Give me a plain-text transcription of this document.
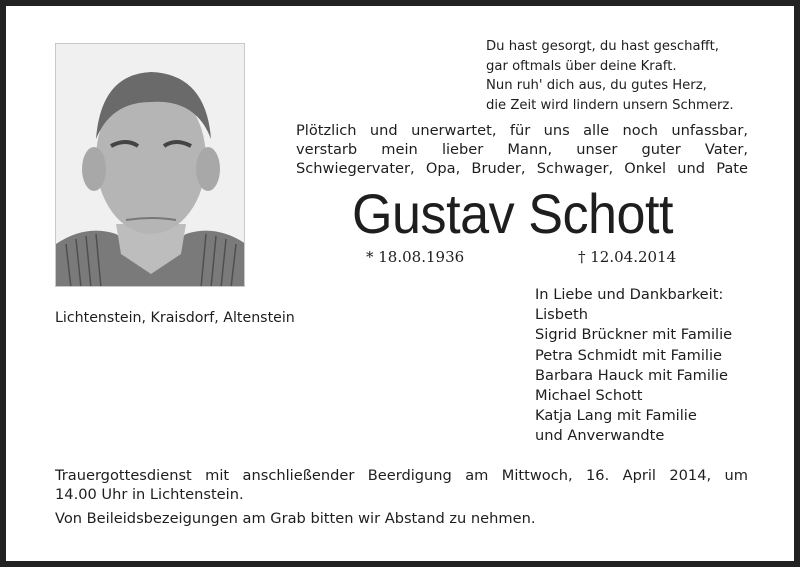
Du hast gesorgt, du hast geschafft,
gar oftmals über deine Kraft.
Nun ruh' dich aus, du gutes Herz,
die Zeit wird lindern unsern Schmerz.
Plötzlich und unerwartet, für uns alle noch unfassbar,
verstarb mein lieber Mann, unser guter Vater,
Schwiegervater, Opa, Bruder, Schwager, Onkel und Pate
Gustav Schott
* 18.08.1936	† 12.04.2014
Lichtenstein, Kraisdorf, Altenstein
In Liebe und Dankbarkeit:
Lisbeth
Sigrid Brückner mit Familie
Petra Schmidt mit Familie
Barbara Hauck mit Familie
Michael Schott
Katja Lang mit Familie
und Anverwandte
Trauergottesdienst mit anschließender Beerdigung am Mittwoch, 16. April 2014, um
14.00 Uhr in Lichtenstein.
Von Beileidsbezeigungen am Grab bitten wir Abstand zu nehmen.
